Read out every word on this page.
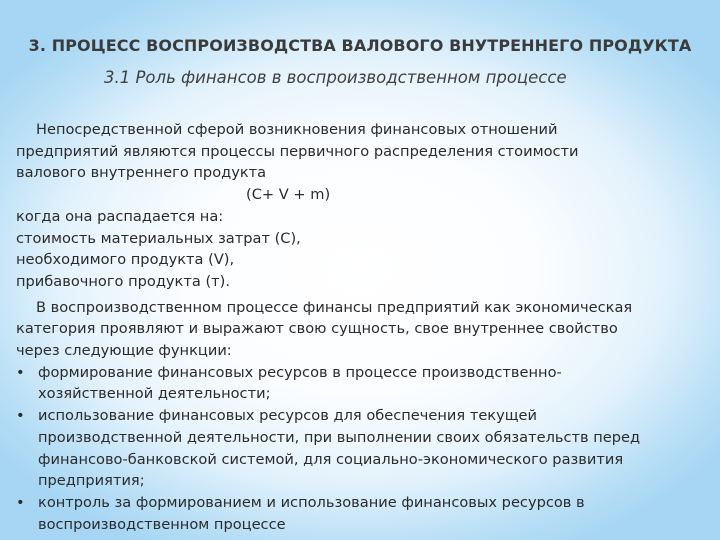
3. ПРОЦЕСС ВОСПРОИЗВОДСТВА ВАЛОВОГО ВНУТРЕННЕГО ПРОДУКТА
3.1 Роль финансов в воспроизводственном процессе
Непосредственной сферой возникновения финансовых отношений
предприятий являются процессы первичного распределения стоимости
валового внутреннего продукта
(C+ V + m)
когда она распадается на:
стоимость материальных затрат (С),
необходимого продукта (V),
прибавочного продукта (т).
В воспроизводственном процессе финансы предприятий как экономическая
категория проявляют и выражают свою сущность, свое внутреннее свойство
через следующие функции:
• формирование финансовых ресурсов в процессе производственно-
хозяйственной деятельности;
• использование финансовых ресурсов для обеспечения текущей
производственной деятельности, при выполнении своих обязательств перед
финансово-банковской системой, для социально-экономического развития
предприятия;
• контроль за формированием и использование финансовых ресурсов в
воспроизводственном процессе
